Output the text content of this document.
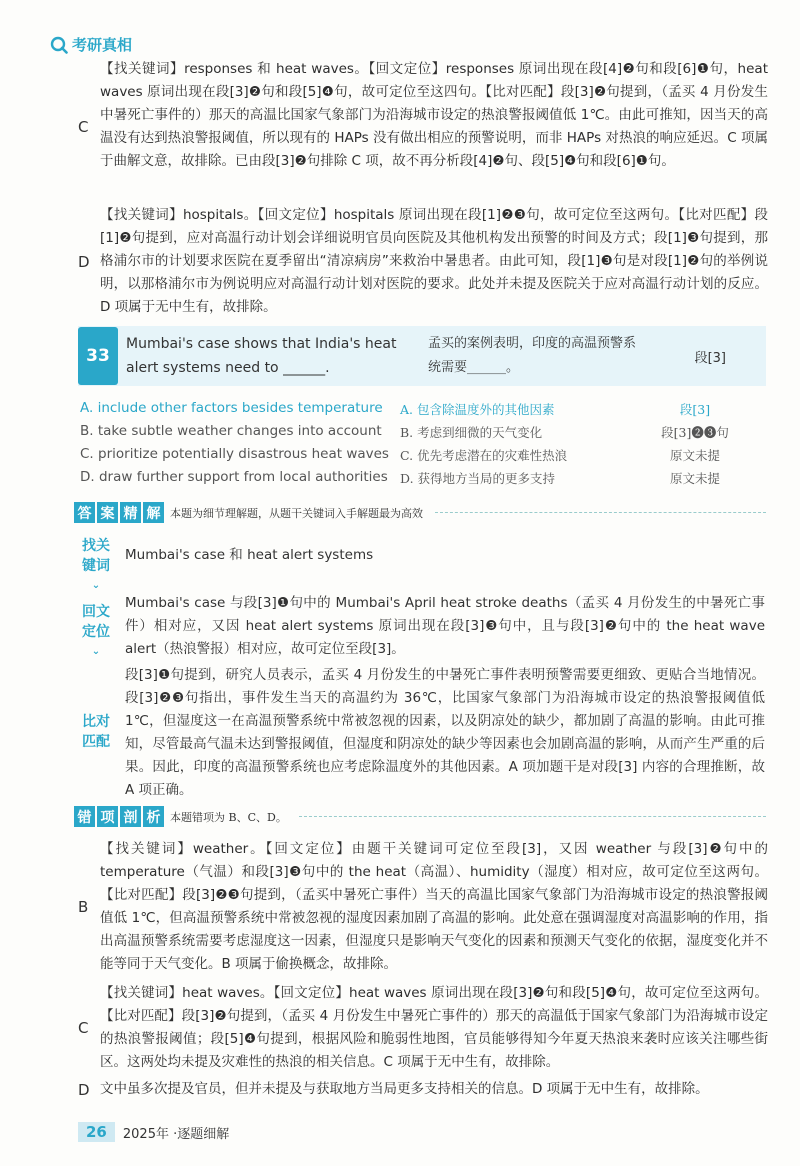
考研真相
C
【找关键词】responses 和 heat waves。【回文定位】responses 原词出现在段[4]❷句和段[6]❶句，heat waves 原词出现在段[3]❷句和段[5]❹句，故可定位至这四句。【比对匹配】段[3]❷句提到，（孟买 4 月份发生中暑死亡事件的）那天的高温比国家气象部门为沿海城市设定的热浪警报阈值低 1℃。由此可推知，因当天的高温没有达到热浪警报阈值，所以现有的 HAPs 没有做出相应的预警说明，而非 HAPs 对热浪的响应延迟。C 项属于曲解文意，故排除。已由段[3]❷句排除 C 项，故不再分析段[4]❷句、段[5]❹句和段[6]❶句。
D
【找关键词】hospitals。【回文定位】hospitals 原词出现在段[1]❷❸句，故可定位至这两句。【比对匹配】段[1]❷句提到，应对高温行动计划会详细说明官员向医院及其他机构发出预警的时间及方式；段[1]❸句提到，那格浦尔市的计划要求医院在夏季留出“清凉病房”来救治中暑患者。由此可知，段[1]❸句是对段[1]❷句的举例说明，以那格浦尔市为例说明应对高温行动计划对医院的要求。此处并未提及医院关于应对高温行动计划的反应。D 项属于无中生有，故排除。
33
Mumbai's case shows that India's heat alert systems need to ______.
孟买的案例表明，印度的高温预警系统需要______。
段[3]
A. include other factors besides temperature	A. 包含除温度外的其他因素	段[3]
B. take subtle weather changes into account	B. 考虑到细微的天气变化	段[3]❷❸句
C. prioritize potentially disastrous heat waves C. 优先考虑潜在的灾难性热浪	原文未提
D. draw further support from local authorities D. 获得地方当局的更多支持	原文未提
答 案 精 解 本题为细节理解题，从题干关键词入手解题最为高效
找关键词
⌄
Mumbai's case 和 heat alert systems
回文定位
⌄
Mumbai's case 与段[3]❶句中的 Mumbai's April heat stroke deaths（孟买 4 月份发生的中暑死亡事件）相对应，又因 heat alert systems 原词出现在段[3]❸句中，且与段[3]❷句中的 the heat wave alert（热浪警报）相对应，故可定位至段[3]。
比对匹配
段[3]❶句提到，研究人员表示，孟买 4 月份发生的中暑死亡事件表明预警需要更细致、更贴合当地情况。段[3]❷❸句指出，事件发生当天的高温约为 36℃，比国家气象部门为沿海城市设定的热浪警报阈值低 1℃，但湿度这一在高温预警系统中常被忽视的因素，以及阴凉处的缺少，都加剧了高温的影响。由此可推知，尽管最高气温未达到警报阈值，但湿度和阴凉处的缺少等因素也会加剧高温的影响，从而产生严重的后果。因此，印度的高温预警系统也应考虑除温度外的其他因素。A 项加题干是对段[3] 内容的合理推断，故 A 项正确。
错 项 剖 析 本题错项为 B、C、D。
B
【找关键词】weather。【回文定位】由题干关键词可定位至段[3]，又因 weather 与段[3]❷句中的 temperature（气温）和段[3]❸句中的 the heat（高温）、humidity（湿度）相对应，故可定位至这两句。【比对匹配】段[3]❷❸句提到，（孟买中暑死亡事件）当天的高温比国家气象部门为沿海城市设定的热浪警报阈值低 1℃，但高温预警系统中常被忽视的湿度因素加剧了高温的影响。此处意在强调湿度对高温影响的作用，指出高温预警系统需要考虑湿度这一因素，但湿度只是影响天气变化的因素和预测天气变化的依据，湿度变化并不能等同于天气变化。B 项属于偷换概念，故排除。
C
【找关键词】heat waves。【回文定位】heat waves 原词出现在段[3]❷句和段[5]❹句，故可定位至这两句。【比对匹配】段[3]❷句提到，（孟买 4 月份发生中暑死亡事件的）那天的高温低于国家气象部门为沿海城市设定的热浪警报阈值；段[5]❹句提到，根据风险和脆弱性地图，官员能够得知今年夏天热浪来袭时应该关注哪些街区。这两处均未提及灾难性的热浪的相关信息。C 项属于无中生有，故排除。
D 文中虽多次提及官员，但并未提及与获取地方当局更多支持相关的信息。D 项属于无中生有，故排除。
26	2025年 ·逐题细解
